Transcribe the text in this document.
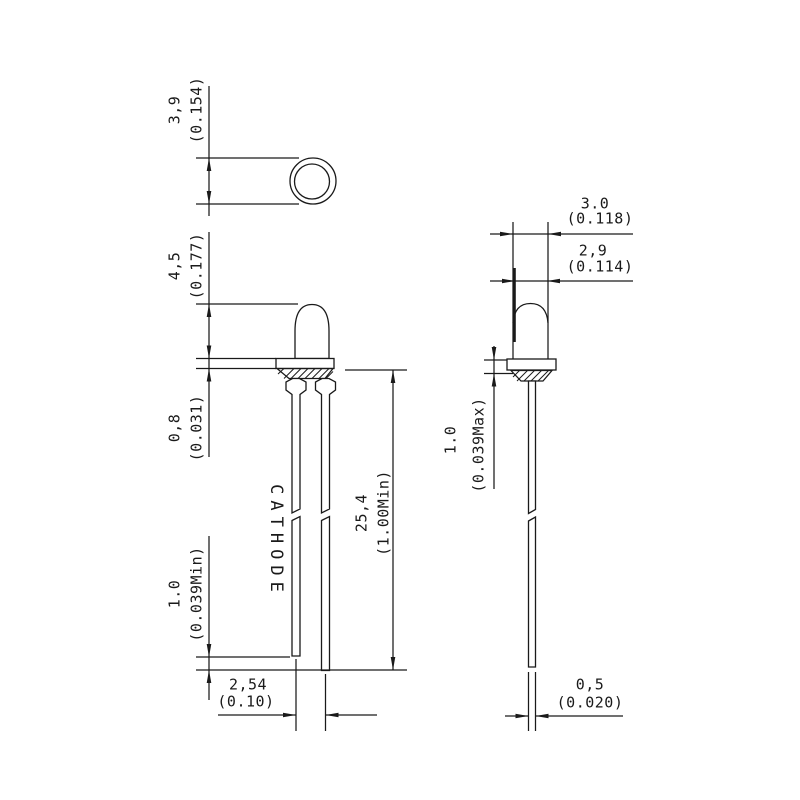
3,9 (0.154)
CATHODE
4,5 (0.177)
0,8 (0.031)
1.0 (0.039Min)
25,4 (1.00Min)
2,54
(0.10)
3.0
(0.118)
2,9
(0.114)
1.0 (0.039Max)
0,5
(0.020)
